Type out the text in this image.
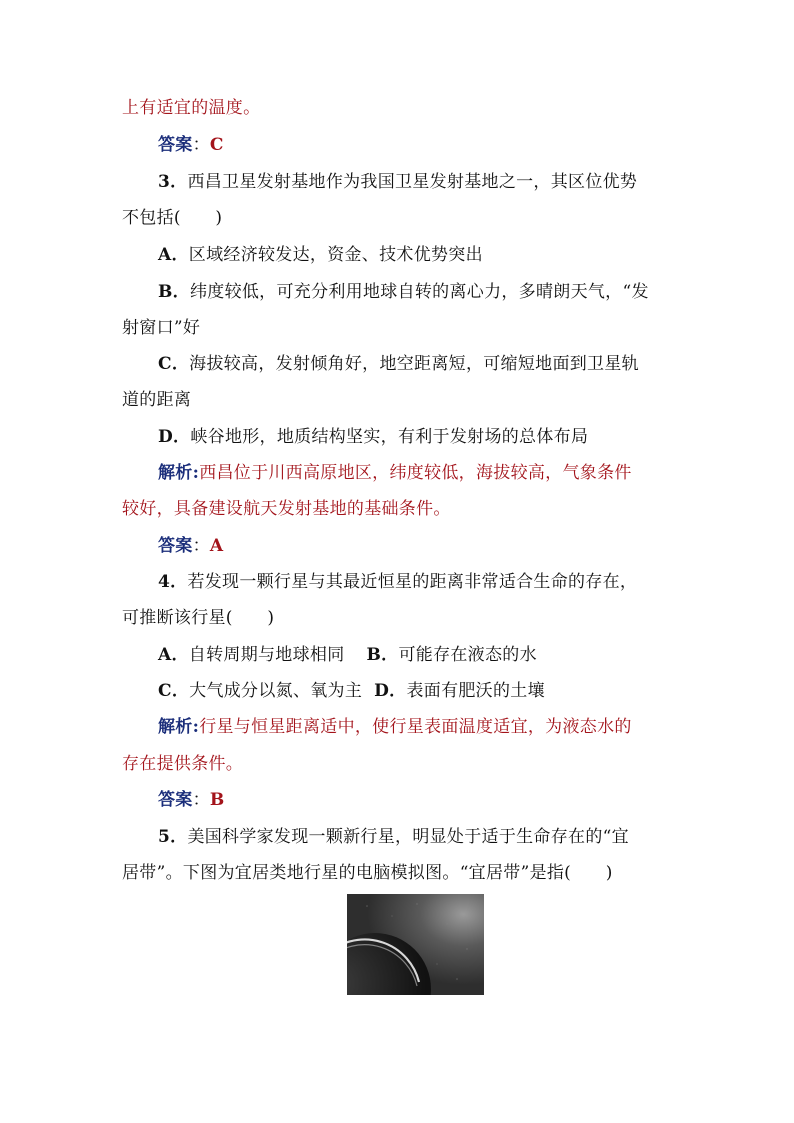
上有适宜的温度。
答案：C
3．西昌卫星发射基地作为我国卫星发射基地之一，其区位优势
不包括(　　)
A．区域经济较发达，资金、技术优势突出
B．纬度较低，可充分利用地球自转的离心力，多晴朗天气，“发
射窗口”好
C．海拔较高，发射倾角好，地空距离短，可缩短地面到卫星轨
道的距离
D．峡谷地形，地质结构坚实，有利于发射场的总体布局
解析:西昌位于川西高原地区，纬度较低，海拔较高，气象条件
较好，具备建设航天发射基地的基础条件。
答案：A
4．若发现一颗行星与其最近恒星的距离非常适合生命的存在，
可推断该行星(　　)
A．自转周期与地球相同 B．可能存在液态的水
C．大气成分以氮、氧为主 D．表面有肥沃的土壤
解析:行星与恒星距离适中，使行星表面温度适宜，为液态水的
存在提供条件。
答案：B
5．美国科学家发现一颗新行星，明显处于适于生命存在的“宜
居带”。下图为宜居类地行星的电脑模拟图。“宜居带”是指(　　)
